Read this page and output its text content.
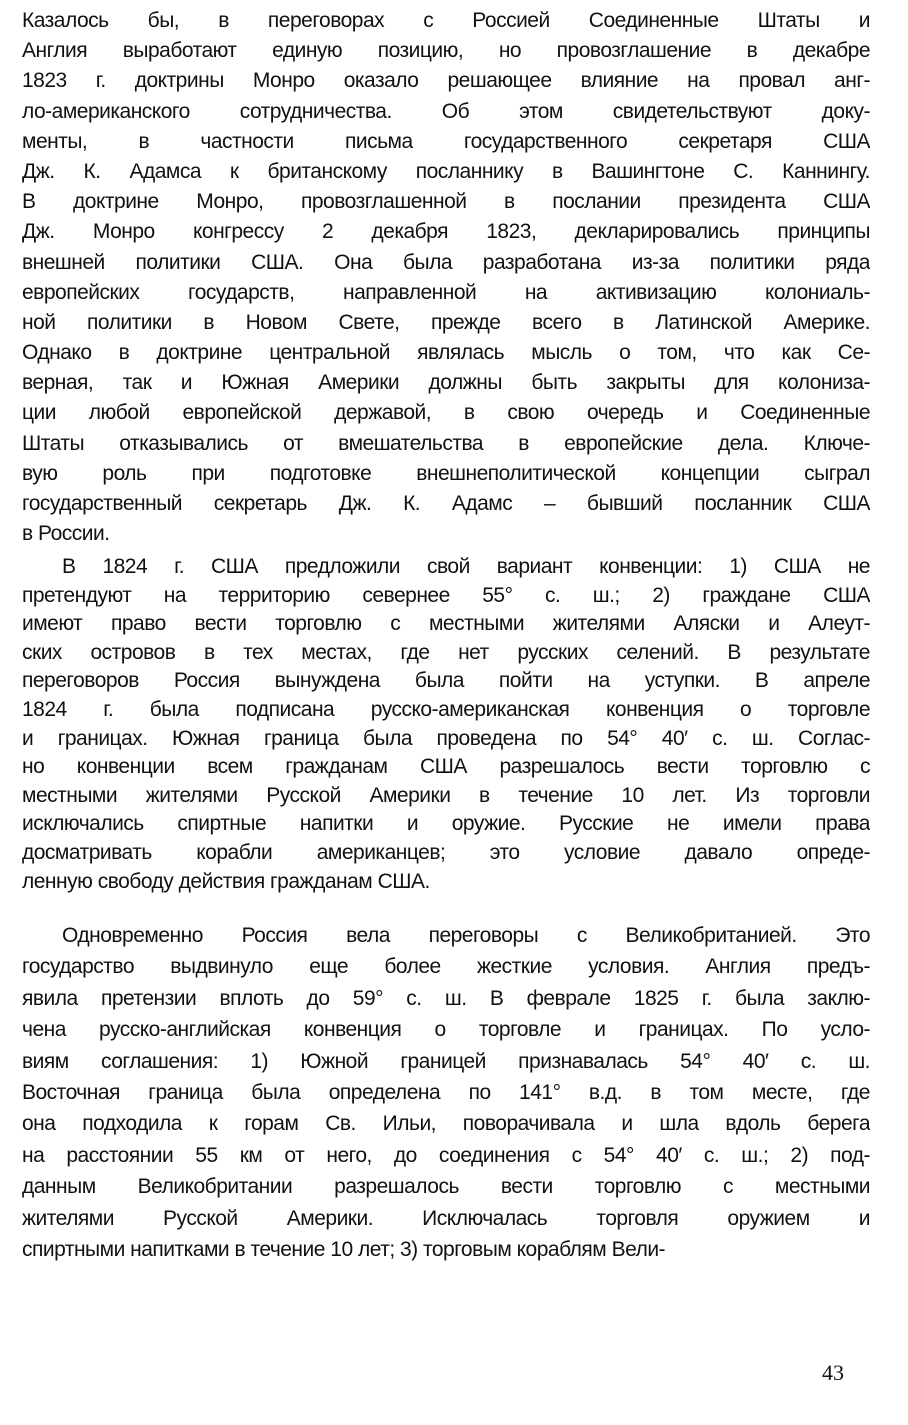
Казалось бы, в переговорах с Россией Соединенные Штаты и
Англия выработают единую позицию, но провозглашение в декабре
1823 г. доктрины Монро оказало решающее влияние на провал анг-
ло-американского сотрудничества. Об этом свидетельствуют доку-
менты, в частности письма государственного секретаря США
Дж. К. Адамса к британскому посланнику в Вашингтоне С. Каннингу.
В доктрине Монро, провозглашенной в послании президента США
Дж. Монро конгрессу 2 декабря 1823, декларировались принципы
внешней политики США. Она была разработана из-за политики ряда
европейских государств, направленной на активизацию колониаль-
ной политики в Новом Свете, прежде всего в Латинской Америке.
Однако в доктрине центральной являлась мысль о том, что как Се-
верная, так и Южная Америки должны быть закрыты для колониза-
ции любой европейской державой, в свою очередь и Соединенные
Штаты отказывались от вмешательства в европейские дела. Ключе-
вую роль при подготовке внешнеполитической концепции сыграл
государственный секретарь Дж. К. Адамс – бывший посланник США
в России.
В 1824 г. США предложили свой вариант конвенции: 1) США не
претендуют на территорию севернее 55° с. ш.; 2) граждане США
имеют право вести торговлю с местными жителями Аляски и Алеут-
ских островов в тех местах, где нет русских селений. В результате
переговоров Россия вынуждена была пойти на уступки. В апреле
1824 г. была подписана русско-американская конвенция о торговле
и границах. Южная граница была проведена по 54° 40′ с. ш. Соглас-
но конвенции всем гражданам США разрешалось вести торговлю с
местными жителями Русской Америки в течение 10 лет. Из торговли
исключались спиртные напитки и оружие. Русские не имели права
досматривать корабли американцев; это условие давало опреде-
ленную свободу действия гражданам США.
Одновременно Россия вела переговоры с Великобританией. Это
государство выдвинуло еще более жесткие условия. Англия предъ-
явила претензии вплоть до 59° с. ш. В феврале 1825 г. была заклю-
чена русско-английская конвенция о торговле и границах. По усло-
виям соглашения: 1) Южной границей признавалась 54° 40′ с. ш.
Восточная граница была определена по 141° в.д. в том месте, где
она подходила к горам Св. Ильи, поворачивала и шла вдоль берега
на расстоянии 55 км от него, до соединения с 54° 40′ с. ш.; 2) под-
данным Великобритании разрешалось вести торговлю с местными
жителями Русской Америки. Исключалась торговля оружием и
спиртными напитками в течение 10 лет; 3) торговым кораблям Вели-
43
